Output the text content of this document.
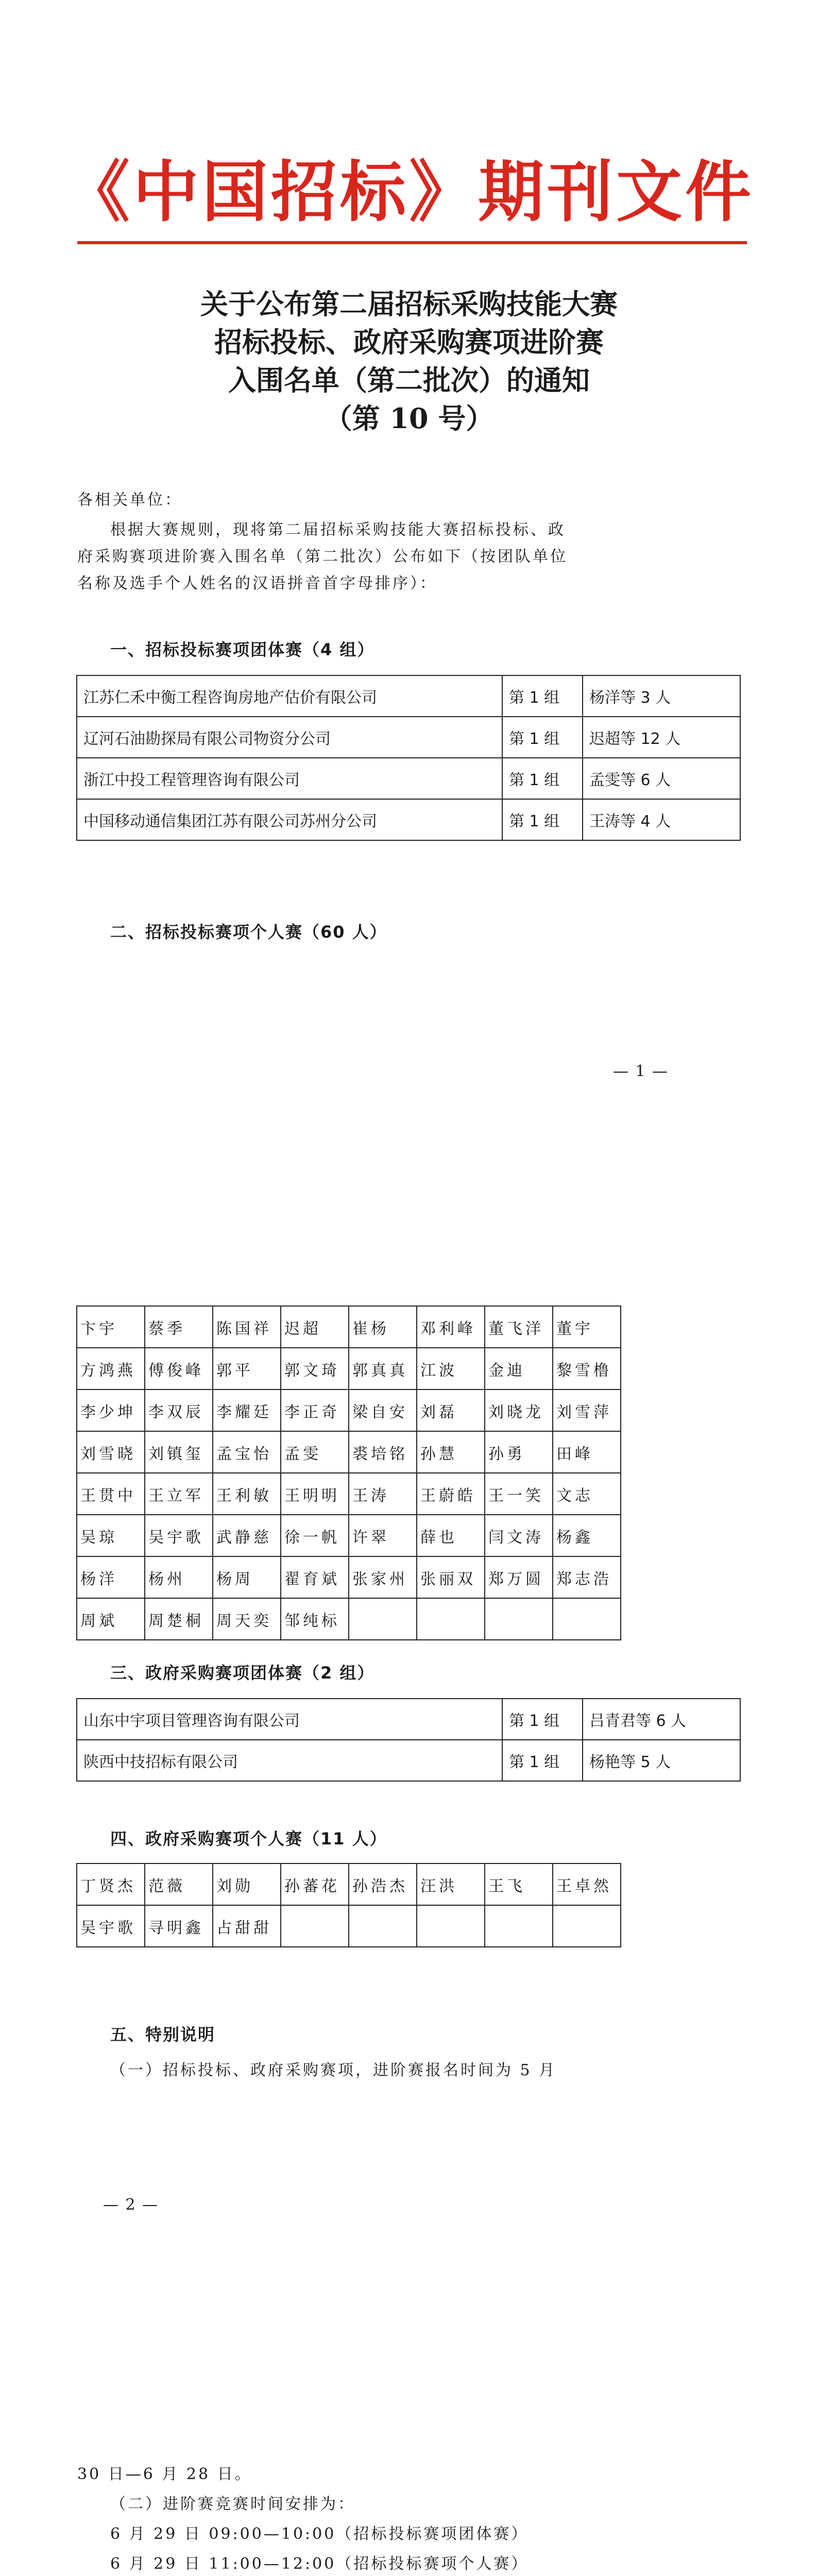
《中国招标》期刊文件
关于公布第二届招标采购技能大赛
招标投标、政府采购赛项进阶赛
入围名单（第二批次）的通知
（第 10 号）
各相关单位：
根据大赛规则，现将第二届招标采购技能大赛招标投标、政
府采购赛项进阶赛入围名单（第二批次）公布如下（按团队单位
名称及选手个人姓名的汉语拼音首字母排序）：
一、招标投标赛项团体赛（4 组）
江苏仁禾中衡工程咨询房地产估价有限公司	第 1 组	杨洋等 3 人
辽河石油勘探局有限公司物资分公司	第 1 组	迟超等 12 人
浙江中投工程管理咨询有限公司	第 1 组	孟雯等 6 人
中国移动通信集团江苏有限公司苏州分公司	第 1 组	王涛等 4 人
二、招标投标赛项个人赛（60 人）
— 1 —
卞宇	蔡季	陈国祥	迟超	崔杨	邓利峰	董飞洋	董宇
方鸿燕	傅俊峰	郭平	郭文琦	郭真真	江波	金迪	黎雪橹
李少坤	李双辰	李耀廷	李正奇	梁自安	刘磊	刘晓龙	刘雪萍
刘雪晓	刘镇玺	孟宝怡	孟雯	裘培铭	孙慧	孙勇	田峰
王贯中	王立军	王利敏	王明明	王涛	王蔚皓	王一笑	文志
吴琼	吴宇歌	武静慈	徐一帆	许翠	薛也	闫文涛	杨鑫
杨洋	杨州	杨周	翟育斌	张家州	张丽双	郑万圆	郑志浩
周斌	周楚桐	周天奕	邹纯标				
三、政府采购赛项团体赛（2 组）
山东中宇项目管理咨询有限公司	第 1 组	吕青君等 6 人
陕西中技招标有限公司	第 1 组	杨艳等 5 人
四、政府采购赛项个人赛（11 人）
丁贤杰	范薇	刘勋	孙蕃花	孙浩杰	汪洪	王飞	王卓然
吴宇歌	寻明鑫	占甜甜					
五、特别说明
（一）招标投标、政府采购赛项，进阶赛报名时间为 5 月
— 2 —
30 日—6 月 28 日。
（二）进阶赛竞赛时间安排为：
6 月 29 日 09:00—10:00（招标投标赛项团体赛）
6 月 29 日 11:00—12:00（招标投标赛项个人赛）
